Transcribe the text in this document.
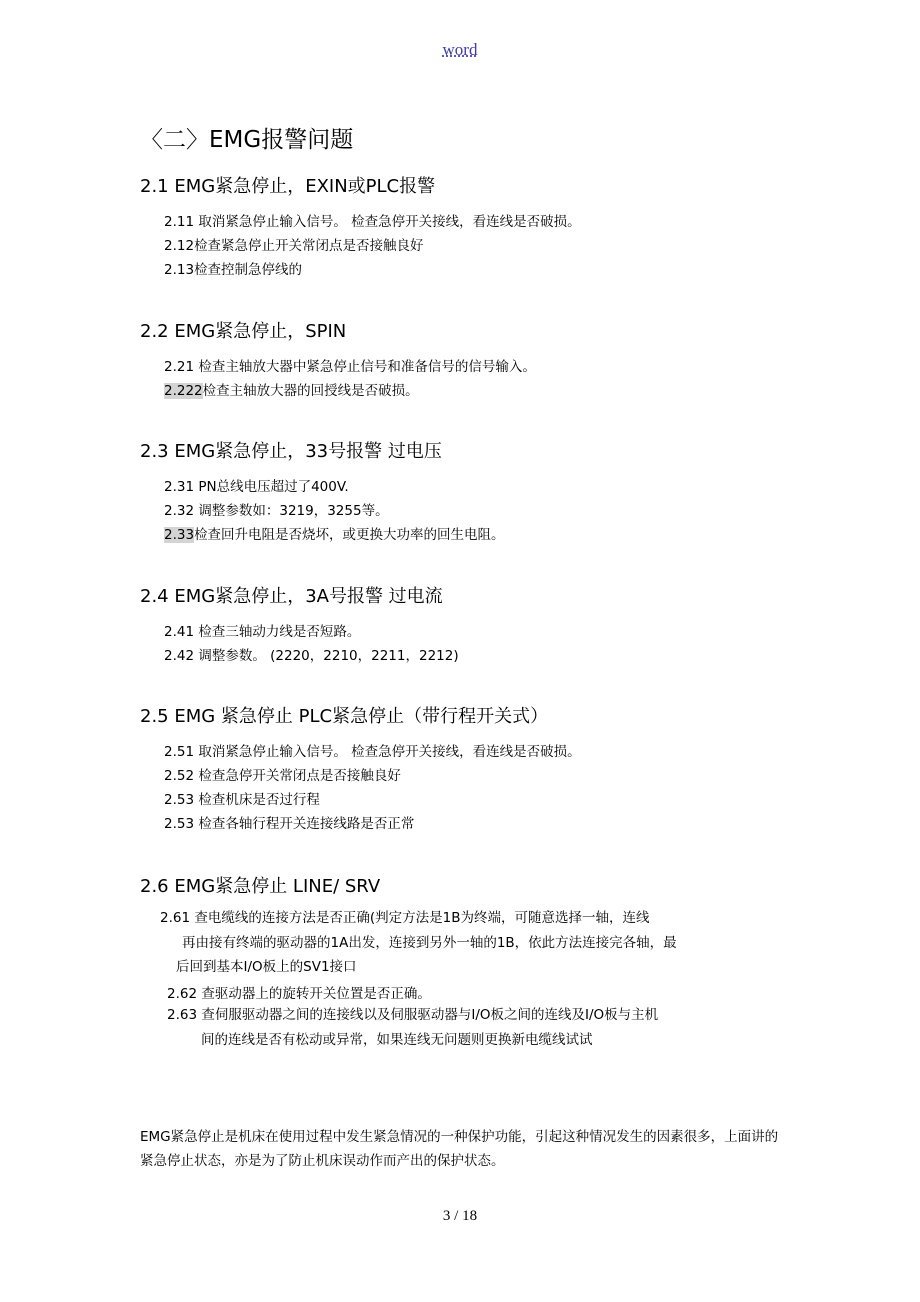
word
〈二〉EMG报警问题
2.1 EMG紧急停止，EXIN或PLC报警
2.11 取消紧急停止输入信号。 检查急停开关接线，看连线是否破损。
2.12检查紧急停止开关常闭点是否接触良好
2.13检查控制急停线的
2.2 EMG紧急停止，SPIN
2.21 检查主轴放大器中紧急停止信号和准备信号的信号输入。
2.222检查主轴放大器的回授线是否破损。
2.3 EMG紧急停止，33号报警 过电压
2.31 PN总线电压超过了400V.
2.32 调整参数如：3219，3255等。
2.33检查回升电阻是否烧坏，或更换大功率的回生电阻。
2.4 EMG紧急停止，3A号报警 过电流
2.41 检查三轴动力线是否短路。
2.42 调整参数。 (2220，2210，2211，2212)
2.5 EMG 紧急停止 PLC紧急停止（带行程开关式）
2.51 取消紧急停止输入信号。 检查急停开关接线，看连线是否破损。
2.52 检查急停开关常闭点是否接触良好
2.53 检查机床是否过行程
2.53 检查各轴行程开关连接线路是否正常
2.6 EMG紧急停止 LINE/ SRV
2.61 查电缆线的连接方法是否正确(判定方法是1B为终端，可随意选择一轴，连线
再由接有终端的驱动器的1A出发，连接到另外一轴的1B，依此方法连接完各轴，最
后回到基本I/O板上的SV1接口
2.62 查驱动器上的旋转开关位置是否正确。
2.63 查伺服驱动器之间的连接线以及伺服驱动器与I/O板之间的连线及I/O板与主机
间的连线是否有松动或异常，如果连线无问题则更换新电缆线试试
EMG紧急停止是机床在使用过程中发生紧急情况的一种保护功能，引起这种情况发生的因素很多，上面讲的紧急停止状态，亦是为了防止机床误动作而产出的保护状态。
3 / 18
